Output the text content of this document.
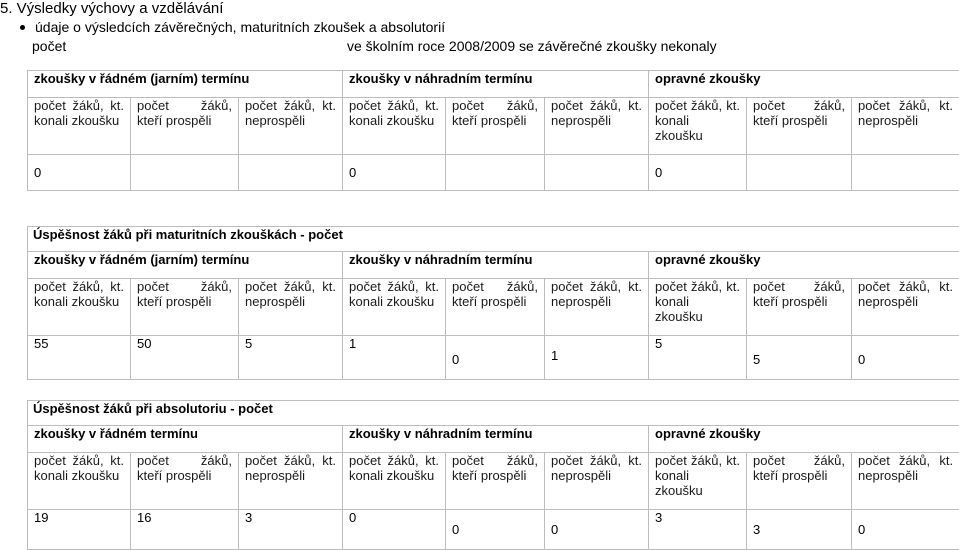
5. Výsledky výchovy a vzdělávání
údaje o výsledcích závěrečných, maturitních zkoušek a absolutorií
počet	ve školním roce 2008/2009 se závěrečné zkoušky nekonaly
zkoušky v řádném (jarním) termínu			zkoušky v náhradním termínu			opravné zkoušky		
počet žáků, kt. konali zkoušku	počet žáků, kteří prospěli	počet žáků, kt. neprospěli	počet žáků, kt. konali zkoušku	počet žáků, kteří prospěli	počet žáků, kt. neprospěli	počet žáků, kt. konali zkoušku	počet žáků, kteří prospěli	počet žáků, kt. neprospěli
0			0			0		
Úspěšnost žáků při maturitních zkouškách - počet								
zkoušky v řádném (jarním) termínu			zkoušky v náhradním termínu			opravné zkoušky		
počet žáků, kt. konali zkoušku	počet žáků, kteří prospěli	počet žáků, kt. neprospěli	počet žáků, kt. konali zkoušku	počet žáků, kteří prospěli	počet žáků, kt. neprospěli	počet žáků, kt. konali zkoušku	počet žáků, kteří prospěli	počet žáků, kt. neprospěli
55	50	5	1	0	1	5	5	0
Úspěšnost žáků při absolutoriu - počet								
zkoušky v řádném termínu			zkoušky v náhradním termínu			opravné zkoušky		
počet žáků, kt. konali zkoušku	počet žáků, kteří prospěli	počet žáků, kt. neprospěli	počet žáků, kt. konali zkoušku	počet žáků, kteří prospěli	počet žáků, kt. neprospěli	počet žáků, kt. konali zkoušku	počet žáků, kteří prospěli	počet žáků, kt. neprospěli
19	16	3	0	0	0	3	3	0
